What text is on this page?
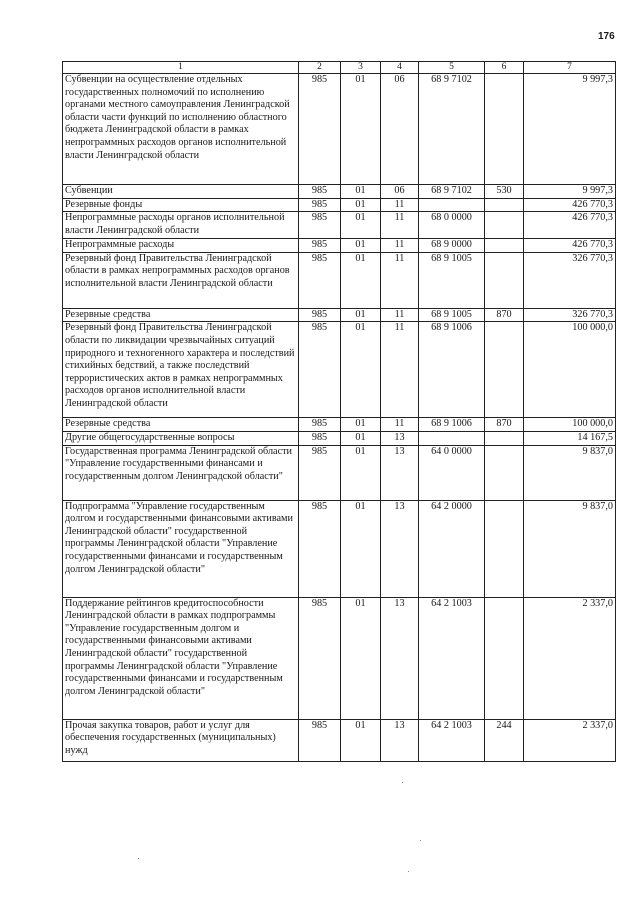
176
1	2	3	4	5	6	7
Субвенции на осуществление отдельных государственных полномочий по исполнению органами местного самоуправления Ленинградской области части функций по исполнению областного бюджета Ленинградской области в рамках непрограммных расходов органов исполнительной власти Ленинградской области	985	01	06	68 9 7102		9 997,3
Субвенции	985	01	06	68 9 7102	530	9 997,3
Резервные фонды	985	01	11			426 770,3
Непрограммные расходы органов исполнительной власти Ленинградской области	985	01	11	68 0 0000		426 770,3
Непрограммные расходы	985	01	11	68 9 0000		426 770,3
Резервный фонд Правительства Ленинградской области в рамках непрограммных расходов органов исполнительной власти Ленинградской области	985	01	11	68 9 1005		326 770,3
Резервные средства	985	01	11	68 9 1005	870	326 770,3
Резервный фонд Правительства Ленинградской области по ликвидации чрезвычайных ситуаций природного и техногенного характера и последствий стихийных бедствий, а также последствий террористических актов в рамках непрограммных расходов органов исполнительной власти Ленинградской области	985	01	11	68 9 1006		100 000,0
Резервные средства	985	01	11	68 9 1006	870	100 000,0
Другие общегосударственные вопросы	985	01	13			14 167,5
Государственная программа Ленинградской области "Управление государственными финансами и государственным долгом Ленинградской области"	985	01	13	64 0 0000		9 837,0
Подпрограмма "Управление государственным долгом и государственными финансовыми активами Ленинградской области" государственной программы Ленинградской области "Управление государственными финансами и государственным долгом Ленинградской области"	985	01	13	64 2 0000		9 837,0
Поддержание рейтингов кредитоспособности Ленинградской области в рамках подпрограммы "Управление государственным долгом и государственными финансовыми активами Ленинградской области" государственной программы Ленинградской области "Управление государственными финансами и государственным долгом Ленинградской области"	985	01	13	64 2 1003		2 337,0
Прочая закупка товаров, работ и услуг для обеспечения государственных (муниципальных) нужд	985	01	13	64 2 1003	244	2 337,0
